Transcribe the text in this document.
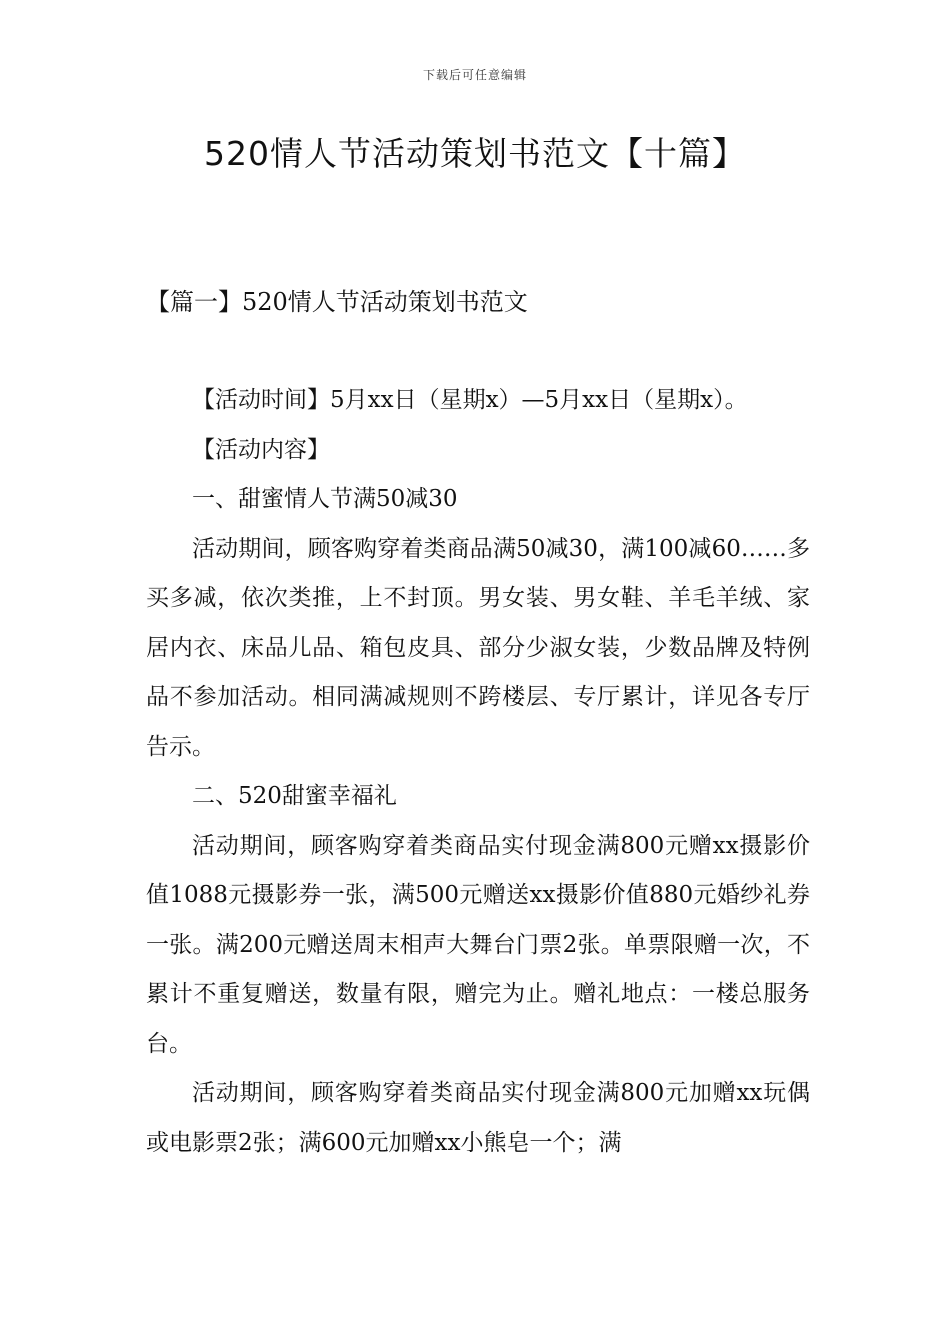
下载后可任意编辑
520情人节活动策划书范文【十篇】
【篇一】520情人节活动策划书范文

【活动时间】5月xx日（星期x）—5月xx日（星期x）。

【活动内容】

一、甜蜜情人节满50减30

活动期间，顾客购穿着类商品满50减30，满100减60……多买多减，依次类推，上不封顶。男女装、男女鞋、羊毛羊绒、家居内衣、床品儿品、箱包皮具、部分少淑女装，少数品牌及特例品不参加活动。相同满减规则不跨楼层、专厅累计，详见各专厅告示。

二、520甜蜜幸福礼

活动期间，顾客购穿着类商品实付现金满800元赠xx摄影价值1088元摄影券一张，满500元赠送xx摄影价值880元婚纱礼券一张。满200元赠送周末相声大舞台门票2张。单票限赠一次，不累计不重复赠送，数量有限，赠完为止。赠礼地点：一楼总服务台。

活动期间，顾客购穿着类商品实付现金满800元加赠xx玩偶或电影票2张；满600元加赠xx小熊皂一个；满
